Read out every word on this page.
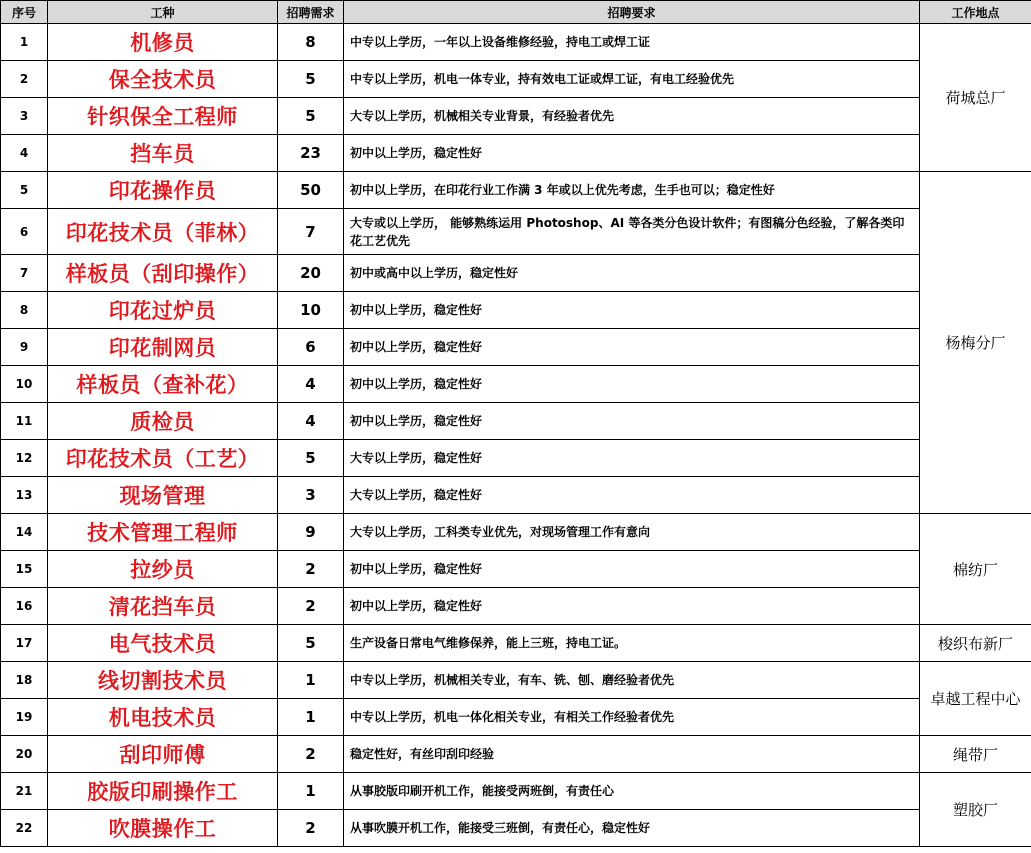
序号	工种	招聘需求	招聘要求	工作地点
1	机修员	8	中专以上学历，一年以上设备维修经验，持电工或焊工证	荷城总厂
2	保全技术员	5	中专以上学历，机电一体专业，持有效电工证或焊工证，有电工经验优先	
3	针织保全工程师	5	大专以上学历，机械相关专业背景，有经验者优先	
4	挡车员	23	初中以上学历，稳定性好	
5	印花操作员	50	初中以上学历，在印花行业工作满 3 年或以上优先考虑，生手也可以；稳定性好	杨梅分厂
6	印花技术员（菲林）	7	大专或以上学历， 能够熟练运用 Photoshop、AI 等各类分色设计软件；有图稿分色经验，了解各类印花工艺优先	
7	样板员（刮印操作）	20	初中或高中以上学历，稳定性好	
8	印花过炉员	10	初中以上学历，稳定性好	
9	印花制网员	6	初中以上学历，稳定性好	
10	样板员（查补花）	4	初中以上学历，稳定性好	
11	质检员	4	初中以上学历，稳定性好	
12	印花技术员（工艺）	5	大专以上学历，稳定性好	
13	现场管理	3	大专以上学历，稳定性好	
14	技术管理工程师	9	大专以上学历，工科类专业优先，对现场管理工作有意向	棉纺厂
15	拉纱员	2	初中以上学历，稳定性好	
16	清花挡车员	2	初中以上学历，稳定性好	
17	电气技术员	5	生产设备日常电气维修保养，能上三班，持电工证。	梭织布新厂
18	线切割技术员	1	中专以上学历，机械相关专业，有车、铣、刨、磨经验者优先	卓越工程中心
19	机电技术员	1	中专以上学历，机电一体化相关专业，有相关工作经验者优先	
20	刮印师傅	2	稳定性好，有丝印刮印经验	绳带厂
21	胶版印刷操作工	1	从事胶版印刷开机工作，能接受两班倒，有责任心	塑胶厂
22	吹膜操作工	2	从事吹膜开机工作，能接受三班倒，有责任心，稳定性好	
